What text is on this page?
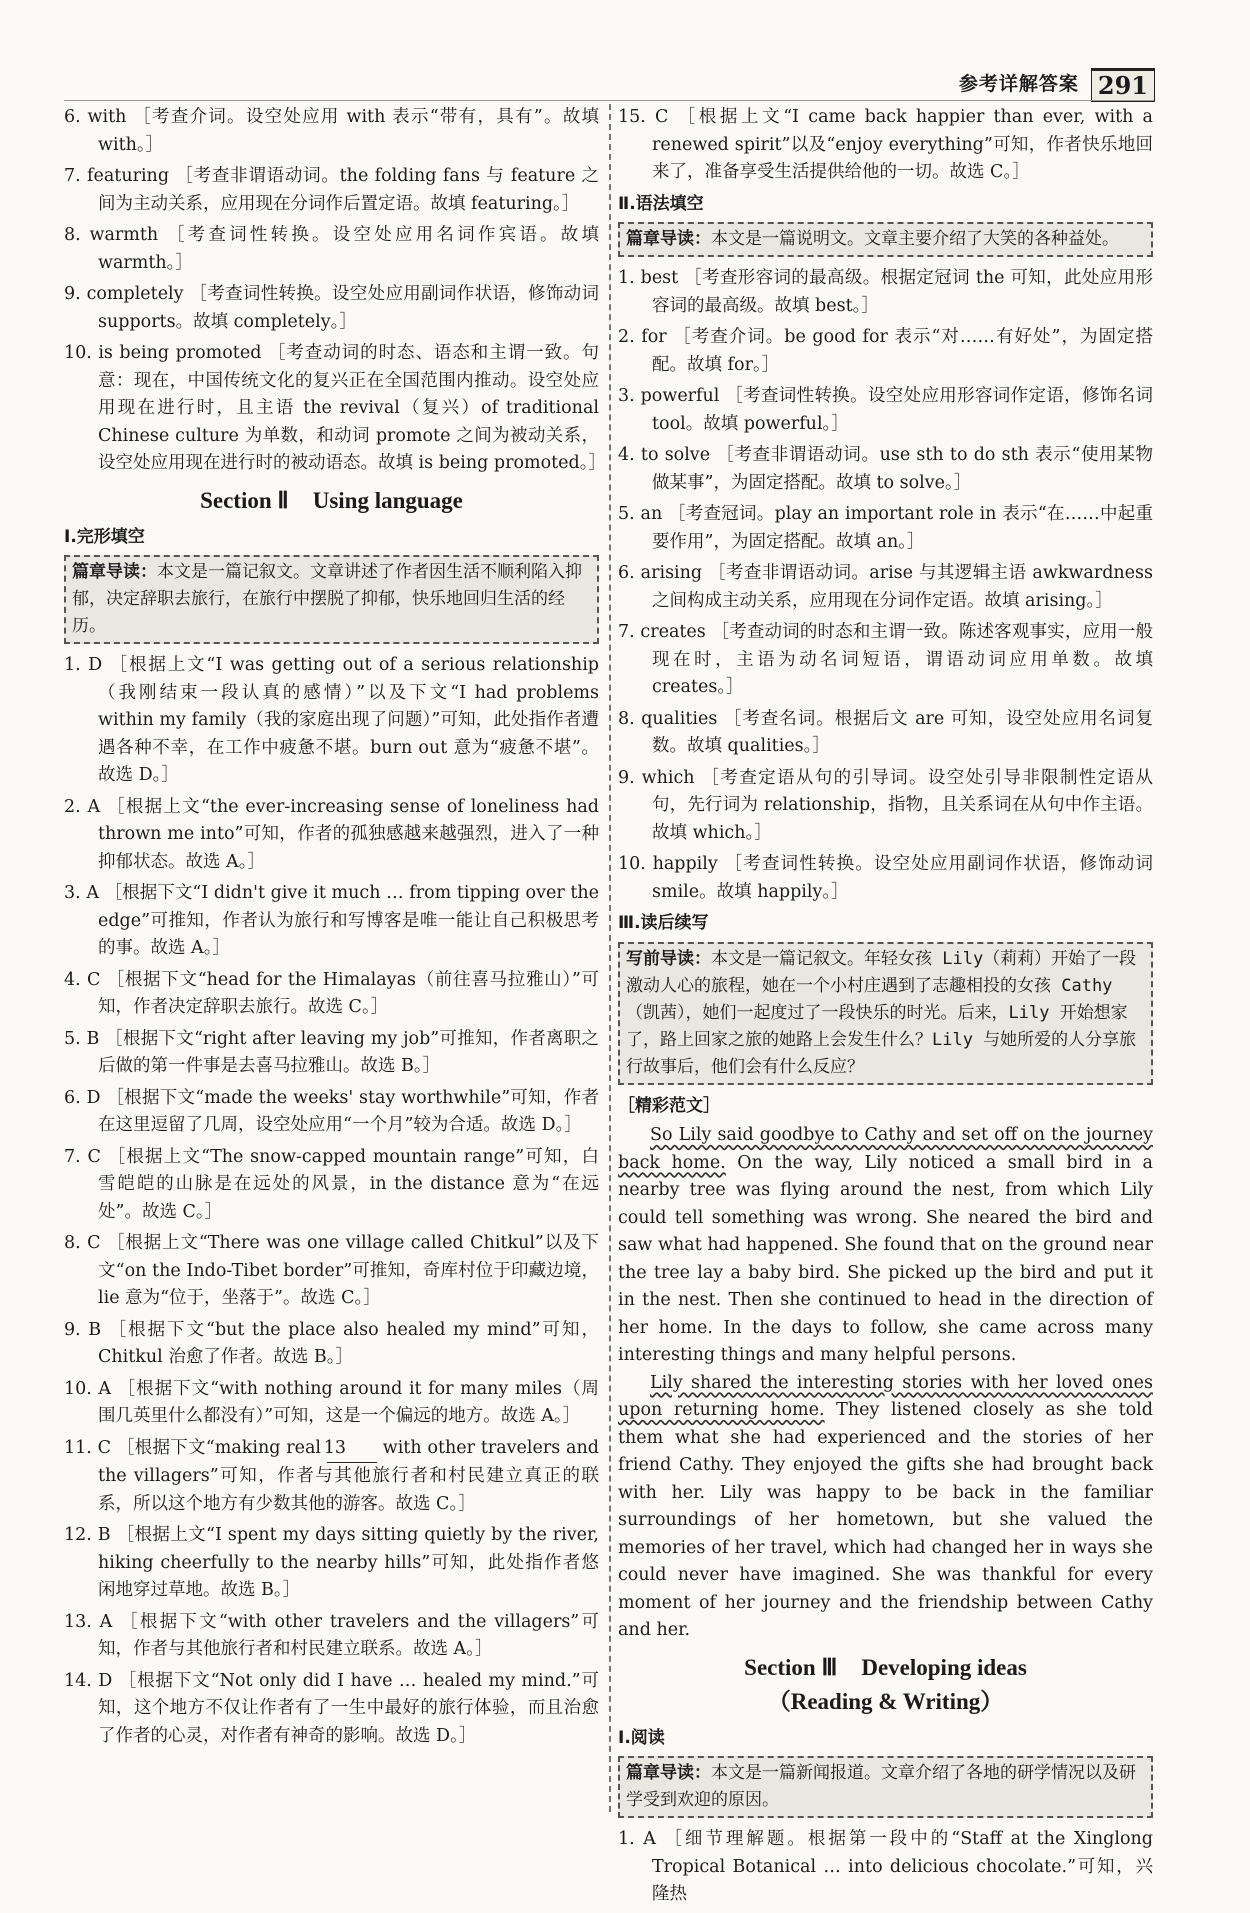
参考详解答案 291

6. with ［考查介词。设空处应用 with 表示“带有，具有”。故填 with。］

7. featuring ［考查非谓语动词。the folding fans 与 feature 之间为主动关系，应用现在分词作后置定语。故填 featuring。］

8. warmth ［考查词性转换。设空处应用名词作宾语。故填 warmth。］

9. completely ［考查词性转换。设空处应用副词作状语，修饰动词 supports。故填 completely。］

10. is being promoted ［考查动词的时态、语态和主谓一致。句意：现在，中国传统文化的复兴正在全国范围内推动。设空处应用现在进行时，且主语 the revival（复兴）of traditional Chinese culture 为单数，和动词 promote 之间为被动关系，设空处应用现在进行时的被动语态。故填 is being promoted。］

Section Ⅱ Using language
Ⅰ.完形填空
篇章导读：本文是一篇记叙文。文章讲述了作者因生活不顺利陷入抑郁，决定辞职去旅行，在旅行中摆脱了抑郁，快乐地回归生活的经历。

1. D ［根据上文“I was getting out of a serious relationship（我刚结束一段认真的感情）”以及下文“I had problems within my family（我的家庭出现了问题）”可知，此处指作者遭遇各种不幸，在工作中疲惫不堪。burn out 意为“疲惫不堪”。故选 D。］

2. A ［根据上文“the ever-increasing sense of loneliness had thrown me into”可知，作者的孤独感越来越强烈，进入了一种抑郁状态。故选 A。］

3. A ［根据下文“I didn't give it much … from tipping over the edge”可推知，作者认为旅行和写博客是唯一能让自己积极思考的事。故选 A。］

4. C ［根据下文“head for the Himalayas（前往喜马拉雅山）”可知，作者决定辞职去旅行。故选 C。］

5. B ［根据下文“right after leaving my job”可推知，作者离职之后做的第一件事是去喜马拉雅山。故选 B。］

6. D ［根据下文“made the weeks' stay worthwhile”可知，作者在这里逗留了几周，设空处应用“一个月”较为合适。故选 D。］

7. C ［根据上文“The snow-capped mountain range”可知，白雪皑皑的山脉是在远处的风景，in the distance 意为“在远处”。故选 C。］

8. C ［根据上文“There was one village called Chitkul”以及下文“on the Indo-Tibet border”可推知，奇库村位于印藏边境，lie 意为“位于，坐落于”。故选 C。］

9. B ［根据下文“but the place also healed my mind”可知，Chitkul 治愈了作者。故选 B。］

10. A ［根据下文“with nothing around it for many miles（周围几英里什么都没有）”可知，这是一个偏远的地方。故选 A。］

11. C ［根据下文“making real 13 with other travelers and the villagers”可知，作者与其他旅行者和村民建立真正的联系，所以这个地方有少数其他的游客。故选 C。］

12. B ［根据上文“I spent my days sitting quietly by the river, hiking cheerfully to the nearby hills”可知，此处指作者悠闲地穿过草地。故选 B。］

13. A ［根据下文“with other travelers and the villagers”可知，作者与其他旅行者和村民建立联系。故选 A。］

14. D ［根据下文“Not only did I have … healed my mind.”可知，这个地方不仅让作者有了一生中最好的旅行体验，而且治愈了作者的心灵，对作者有神奇的影响。故选 D。］

15. C ［根据上文“I came back happier than ever, with a renewed spirit”以及“enjoy everything”可知，作者快乐地回来了，准备享受生活提供给他的一切。故选 C。］

Ⅱ.语法填空
篇章导读：本文是一篇说明文。文章主要介绍了大笑的各种益处。

1. best ［考查形容词的最高级。根据定冠词 the 可知，此处应用形容词的最高级。故填 best。］

2. for ［考查介词。be good for 表示“对……有好处”，为固定搭配。故填 for。］

3. powerful ［考查词性转换。设空处应用形容词作定语，修饰名词 tool。故填 powerful。］

4. to solve ［考查非谓语动词。use sth to do sth 表示“使用某物做某事”，为固定搭配。故填 to solve。］

5. an ［考查冠词。play an important role in 表示“在……中起重要作用”，为固定搭配。故填 an。］

6. arising ［考查非谓语动词。arise 与其逻辑主语 awkwardness 之间构成主动关系，应用现在分词作定语。故填 arising。］

7. creates ［考查动词的时态和主谓一致。陈述客观事实，应用一般现在时，主语为动名词短语，谓语动词应用单数。故填 creates。］

8. qualities ［考查名词。根据后文 are 可知，设空处应用名词复数。故填 qualities。］

9. which ［考查定语从句的引导词。设空处引导非限制性定语从句，先行词为 relationship，指物，且关系词在从句中作主语。故填 which。］

10. happily ［考查词性转换。设空处应用副词作状语，修饰动词 smile。故填 happily。］

Ⅲ.读后续写
写前导读：本文是一篇记叙文。年轻女孩 Lily（莉莉）开始了一段激动人心的旅程，她在一个小村庄遇到了志趣相投的女孩 Cathy（凯茜），她们一起度过了一段快乐的时光。后来，Lily 开始想家了，路上回家之旅的她路上会发生什么？Lily 与她所爱的人分享旅行故事后，他们会有什么反应？
［精彩范文］

So Lily said goodbye to Cathy and set off on the journey back home. On the way, Lily noticed a small bird in a nearby tree was flying around the nest, from which Lily could tell something was wrong. She neared the bird and saw what had happened. She found that on the ground near the tree lay a baby bird. She picked up the bird and put it in the nest. Then she continued to head in the direction of her home. In the days to follow, she came across many interesting things and many helpful persons.

Lily shared the interesting stories with her loved ones upon returning home. They listened closely as she told them what she had experienced and the stories of her friend Cathy. They enjoyed the gifts she had brought back with her. Lily was happy to be back in the familiar surroundings of her hometown, but she valued the memories of her travel, which had changed her in ways she could never have imagined. She was thankful for every moment of her journey and the friendship between Cathy and her.

Section Ⅲ Developing ideas
（Reading & Writing）
Ⅰ.阅读
篇章导读：本文是一篇新闻报道。文章介绍了各地的研学情况以及研学受到欢迎的原因。

1. A ［细节理解题。根据第一段中的“Staff at the Xinglong Tropical Botanical … into delicious chocolate.”可知，兴隆热
